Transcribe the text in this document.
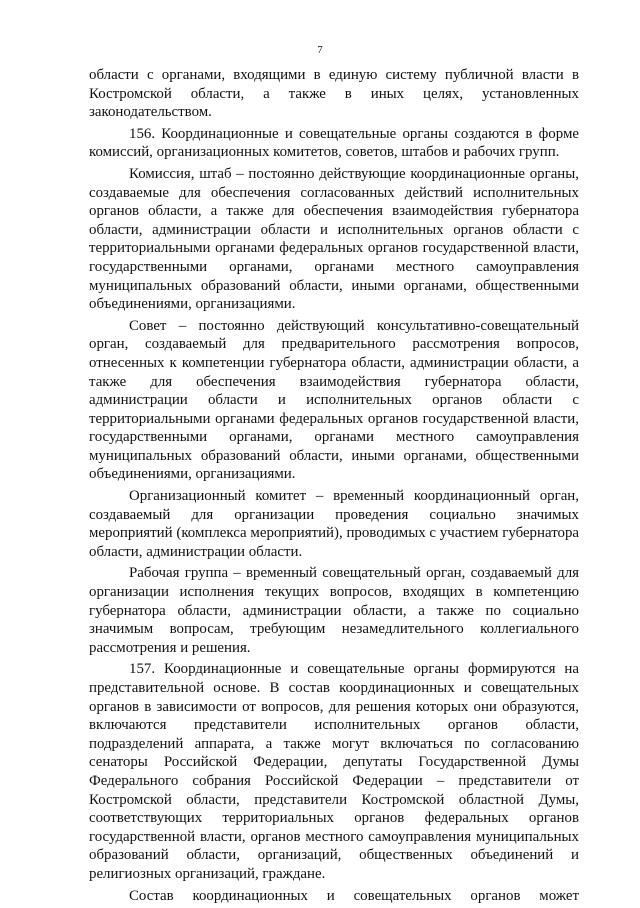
7

области с органами, входящими в единую систему публичной власти в Костромской области, а также в иных целях, установленных законодательством.

156. Координационные и совещательные органы создаются в форме комиссий, организационных комитетов, советов, штабов и рабочих групп.

Комиссия, штаб – постоянно действующие координационные органы, создаваемые для обеспечения согласованных действий исполнительных органов области, а также для обеспечения взаимодействия губернатора области, администрации области и исполнительных органов области с территориальными органами федеральных органов государственной власти, государственными органами, органами местного самоуправления муниципальных образований области, иными органами, общественными объединениями, организациями.

Совет – постоянно действующий консультативно-совещательный орган, создаваемый для предварительного рассмотрения вопросов, отнесенных к компетенции губернатора области, администрации области, а также для обеспечения взаимодействия губернатора области, администрации области и исполнительных органов области с территориальными органами федеральных органов государственной власти, государственными органами, органами местного самоуправления муниципальных образований области, иными органами, общественными объединениями, организациями.

Организационный комитет – временный координационный орган, создаваемый для организации проведения социально значимых мероприятий (комплекса мероприятий), проводимых с участием губернатора области, администрации области.

Рабочая группа – временный совещательный орган, создаваемый для организации исполнения текущих вопросов, входящих в компетенцию губернатора области, администрации области, а также по социально значимым вопросам, требующим незамедлительного коллегиального рассмотрения и решения.

157. Координационные и совещательные органы формируются на представительной основе. В состав координационных и совещательных органов в зависимости от вопросов, для решения которых они образуются, включаются представители исполнительных органов области, подразделений аппарата, а также могут включаться по согласованию сенаторы Российской Федерации, депутаты Государственной Думы Федерального собрания Российской Федерации – представители от Костромской области, представители Костромской областной Думы, соответствующих территориальных органов федеральных органов государственной власти, органов местного самоуправления муниципальных образований области, организаций, общественных объединений и религиозных организаций, граждане.

Состав координационных и совещательных органов может
